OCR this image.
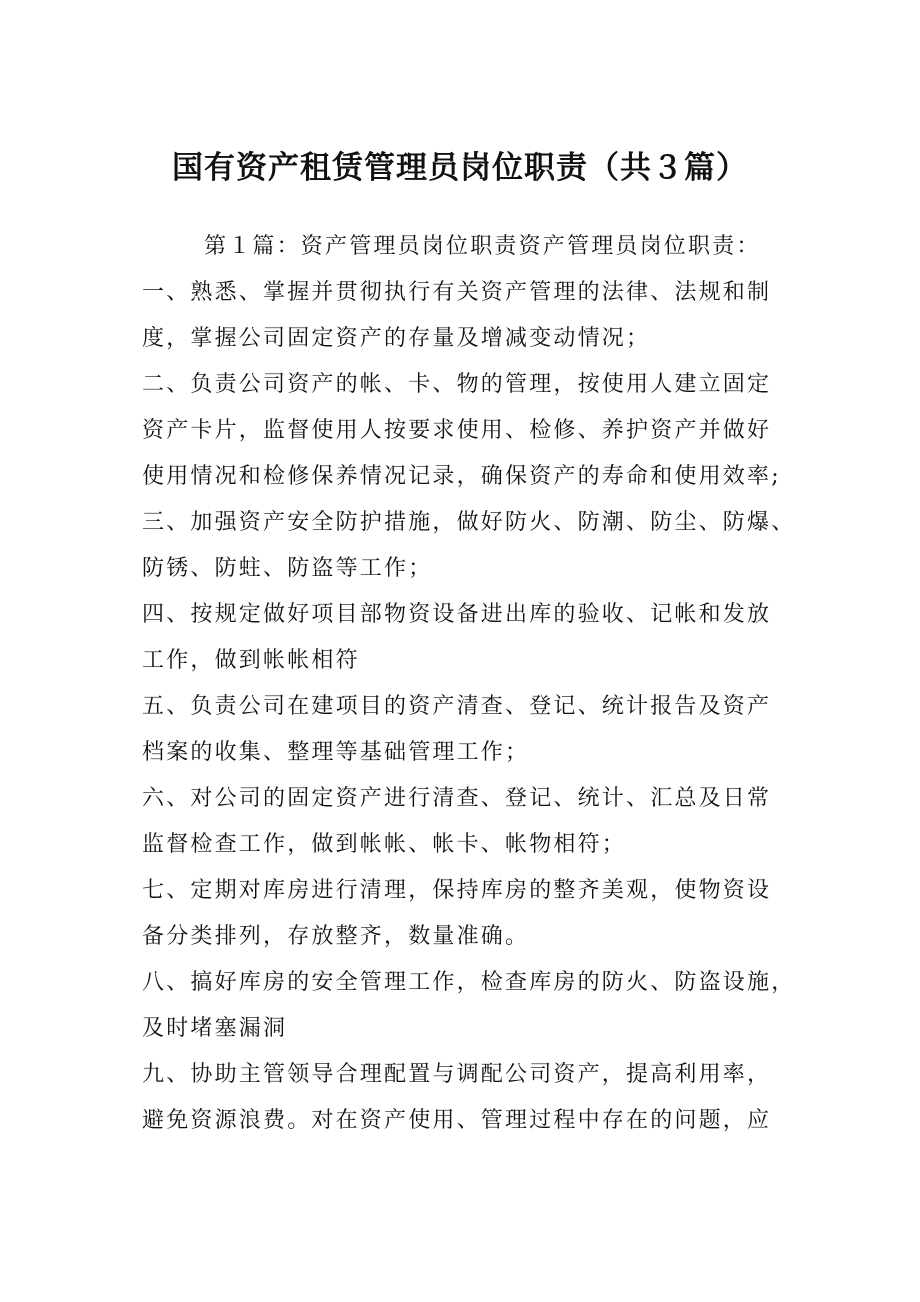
国有资产租赁管理员岗位职责（共３篇）

第１篇：资产管理员岗位职责资产管理员岗位职责：

一、熟悉、掌握并贯彻执行有关资产管理的法律、法规和制

度，掌握公司固定资产的存量及增减变动情况；

二、负责公司资产的帐、卡、物的管理，按使用人建立固定

资产卡片，监督使用人按要求使用、检修、养护资产并做好

使用情况和检修保养情况记录，确保资产的寿命和使用效率;

三、加强资产安全防护措施，做好防火、防潮、防尘、防爆、

防锈、防蛀、防盗等工作；

四、按规定做好项目部物资设备进出库的验收、记帐和发放

工作，做到帐帐相符

五、负责公司在建项目的资产清查、登记、统计报告及资产

档案的收集、整理等基础管理工作；

六、对公司的固定资产进行清查、登记、统计、汇总及日常

监督检查工作，做到帐帐、帐卡、帐物相符；

七、定期对库房进行清理，保持库房的整齐美观，使物资设

备分类排列，存放整齐，数量准确。

八、搞好库房的安全管理工作，检查库房的防火、防盗设施，

及时堵塞漏洞

九、协助主管领导合理配置与调配公司资产，提高利用率，

避免资源浪费。对在资产使用、管理过程中存在的问题，应
